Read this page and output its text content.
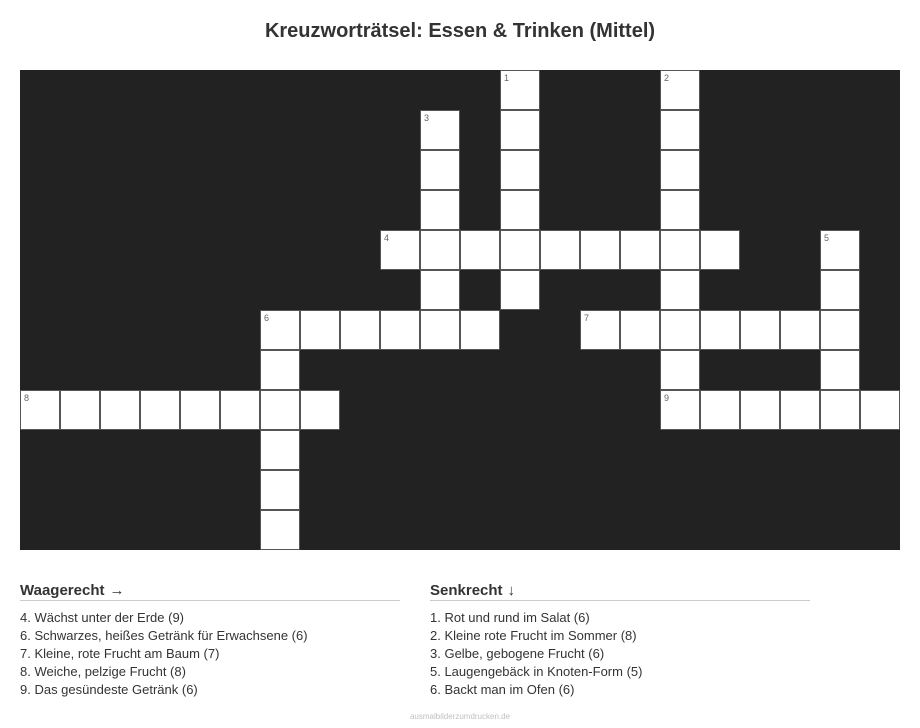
Kreuzworträtsel: Essen & Trinken (Mittel)
1	2
3
4	5
6	7
8	9
Waagerecht →
4. Wächst unter der Erde (9)
6. Schwarzes, heißes Getränk für Erwachsene (6)
7. Kleine, rote Frucht am Baum (7)
8. Weiche, pelzige Frucht (8)
9. Das gesündeste Getränk (6)
Senkrecht ↓
1. Rot und rund im Salat (6)
2. Kleine rote Frucht im Sommer (8)
3. Gelbe, gebogene Frucht (6)
5. Laugengebäck in Knoten-Form (5)
6. Backt man im Ofen (6)
ausmalbilderzumdrucken.de
